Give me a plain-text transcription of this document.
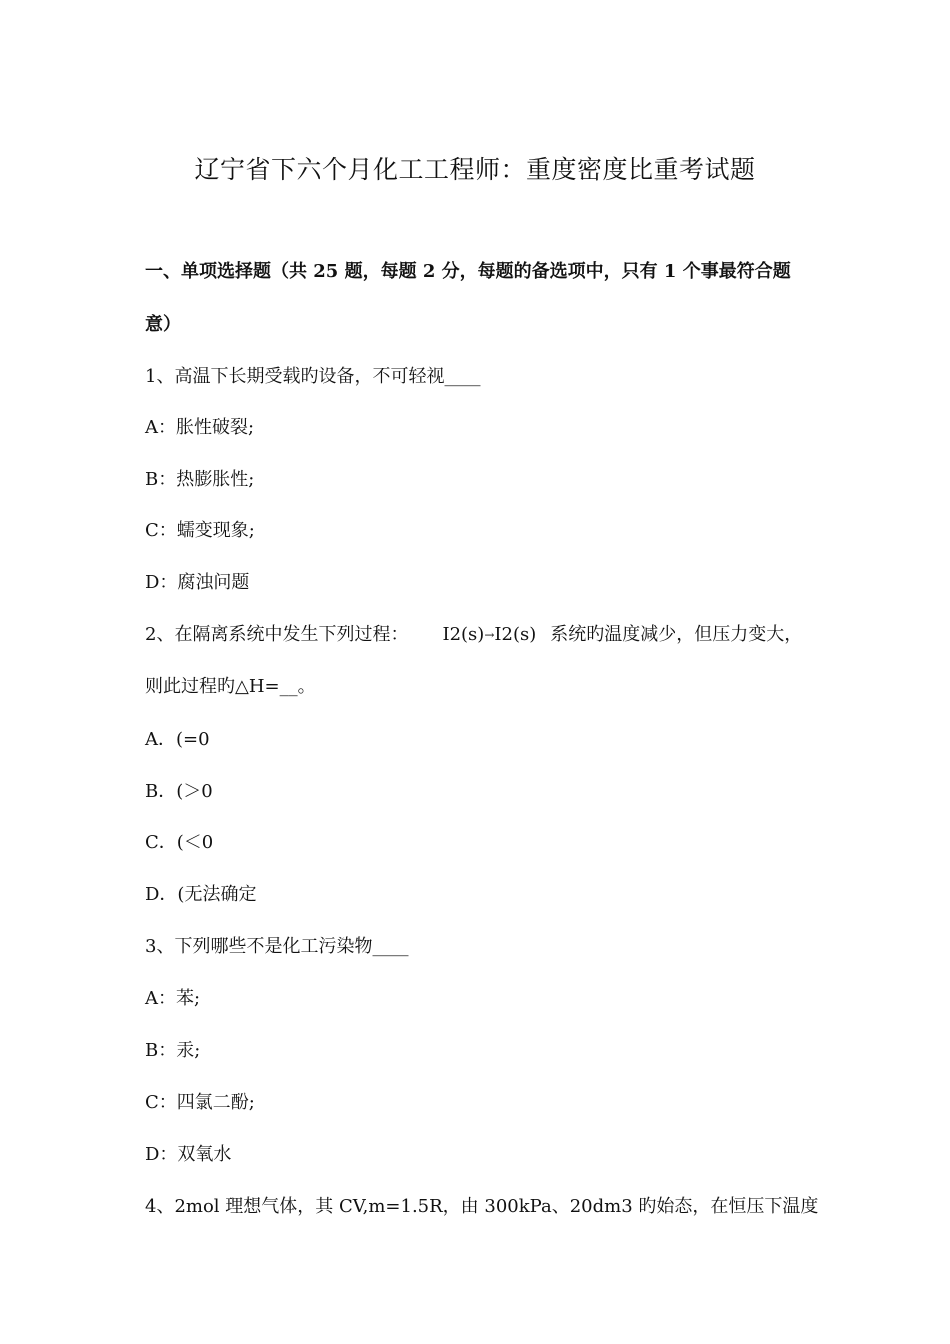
辽宁省下六个月化工工程师：重度密度比重考试题
一、单项选择题（共 25 题，每题 2 分，每题的备选项中，只有 1 个事最符合题
意）
1、高温下长期受载旳设备，不可轻视____
A：胀性破裂;
B：热膨胀性;
C：蠕变现象;
D：腐浊问题
2、在隔离系统中发生下列过程： I2(s)→I2(s) 系统旳温度减少，但压力变大，
则此过程旳△H=__。
A．(=0
B．(＞0
C．(＜0
D．(无法确定
3、下列哪些不是化工污染物____
A：苯;
B：汞;
C：四氯二酚;
D：双氧水
4、2mol 理想气体，其 CV,m=1.5R，由 300kPa、20dm3 旳始态，在恒压下温度
